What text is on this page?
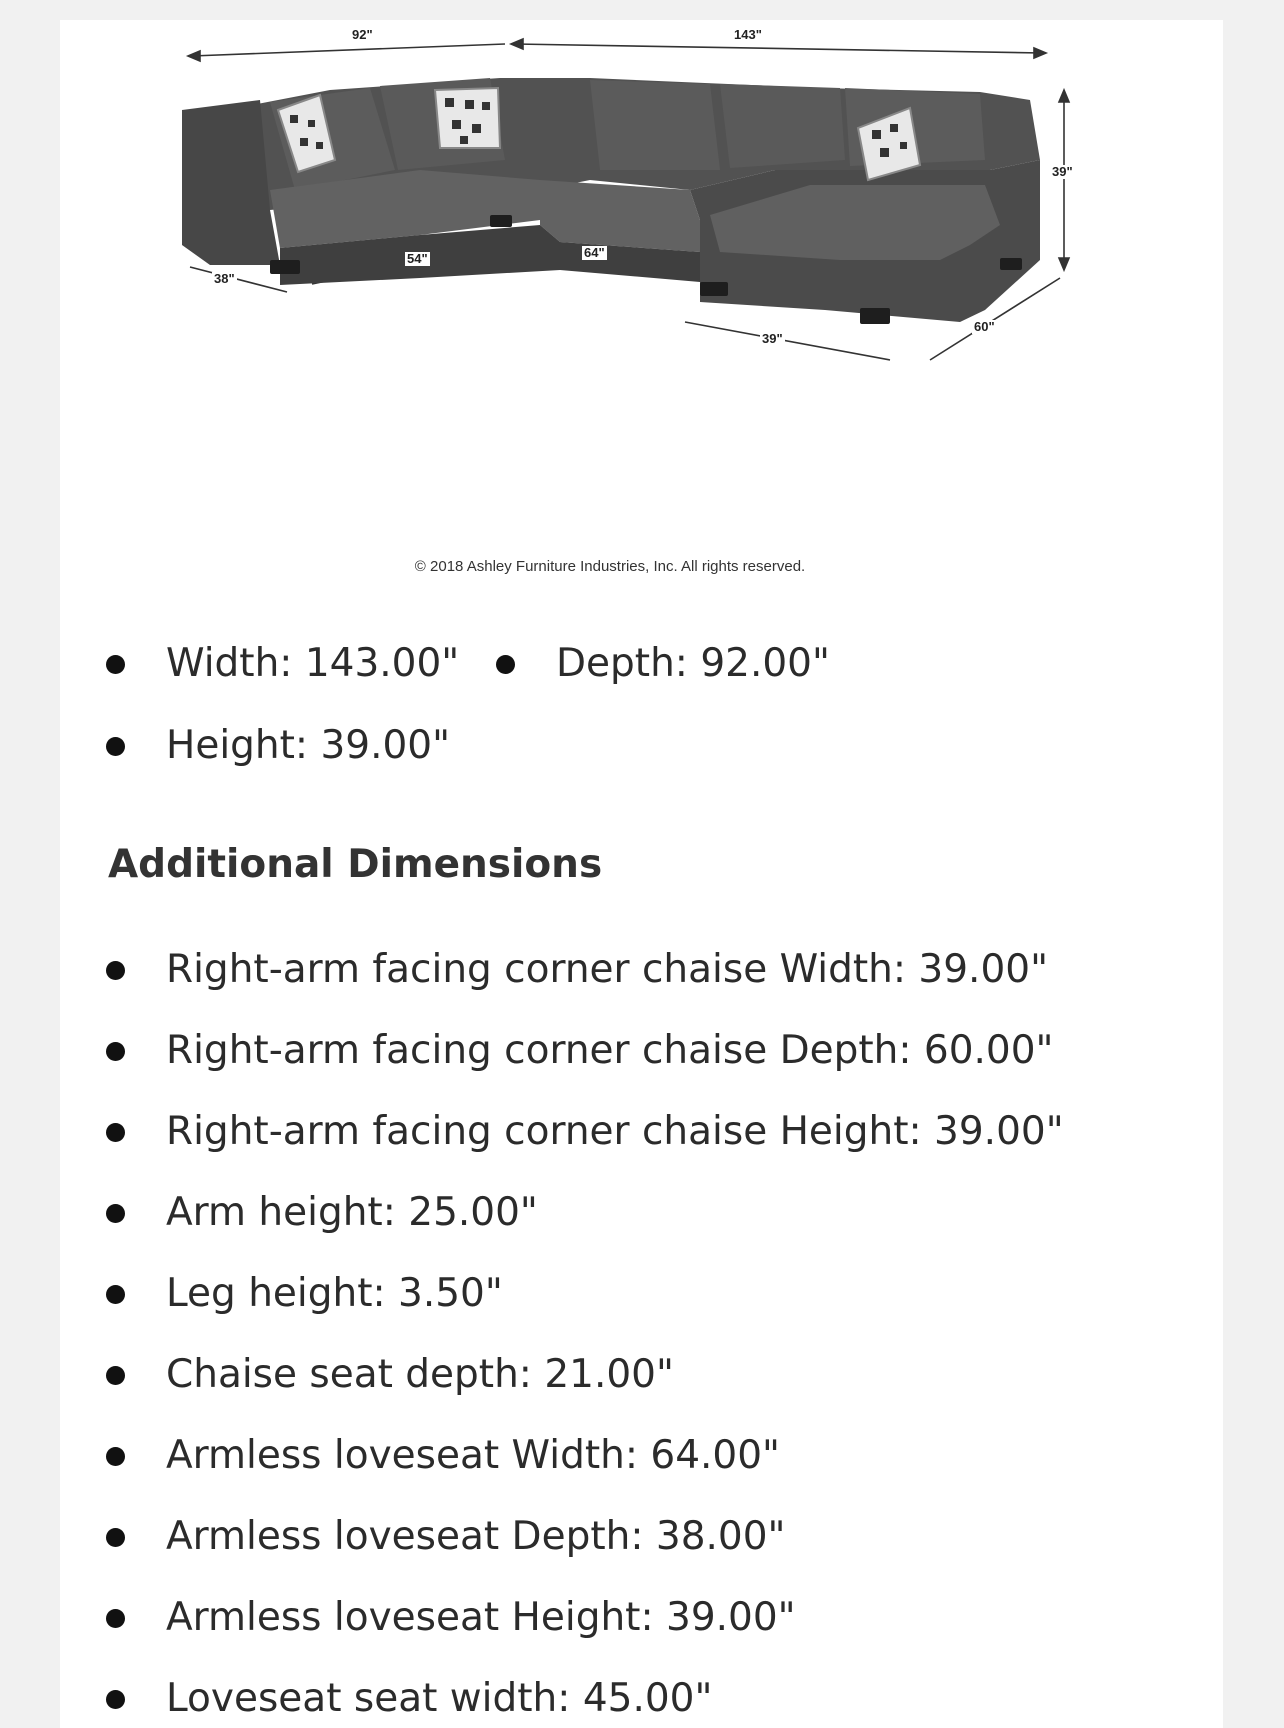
92"	143"
39"
38"
54"	64"
39"
60"
© 2018 Ashley Furniture Industries, Inc. All rights reserved.
Width: 143.00" Depth: 92.00"
Height: 39.00"
Additional Dimensions
Right-arm facing corner chaise Width: 39.00"
Right-arm facing corner chaise Depth: 60.00"
Right-arm facing corner chaise Height: 39.00"
Arm height: 25.00"
Leg height: 3.50"
Chaise seat depth: 21.00"
Armless loveseat Width: 64.00"
Armless loveseat Depth: 38.00"
Armless loveseat Height: 39.00"
Loveseat seat width: 45.00"
